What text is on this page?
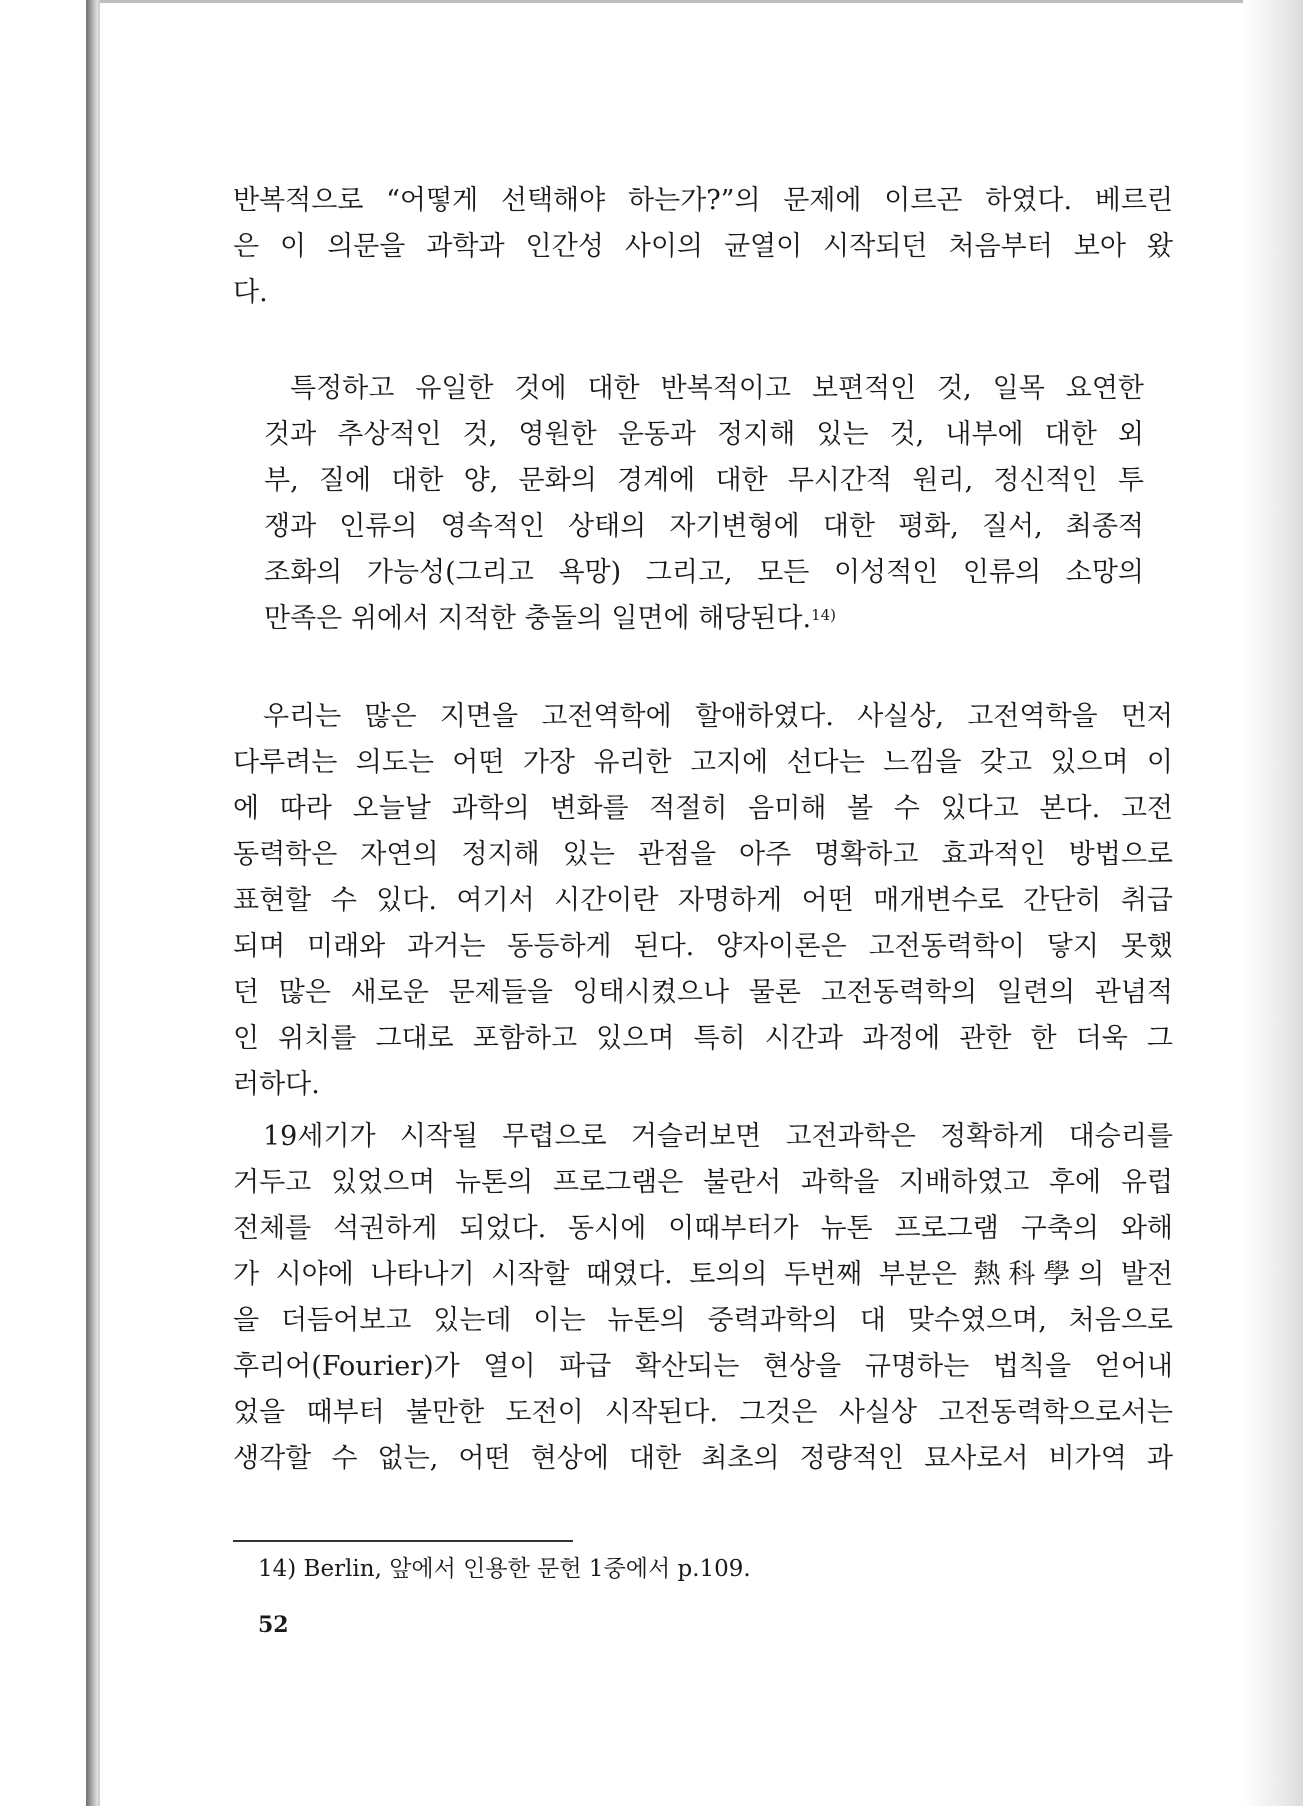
반복적으로 “어떻게 선택해야 하는가?”의 문제에 이르곤 하였다. 베르린
은 이 의문을 과학과 인간성 사이의 균열이 시작되던 처음부터 보아 왔
다.
특정하고 유일한 것에 대한 반복적이고 보편적인 것, 일목 요연한
것과 추상적인 것, 영원한 운동과 정지해 있는 것, 내부에 대한 외
부, 질에 대한 양, 문화의 경계에 대한 무시간적 원리, 정신적인 투
쟁과 인류의 영속적인 상태의 자기변형에 대한 평화, 질서, 최종적
조화의 가능성(그리고 욕망) 그리고, 모든 이성적인 인류의 소망의
만족은 위에서 지적한 충돌의 일면에 해당된다.$^{14)}$
우리는 많은 지면을 고전역학에 할애하였다. 사실상, 고전역학을 먼저
다루려는 의도는 어떤 가장 유리한 고지에 선다는 느낌을 갖고 있으며 이
에 따라 오늘날 과학의 변화를 적절히 음미해 볼 수 있다고 본다. 고전
동력학은 자연의 정지해 있는 관점을 아주 명확하고 효과적인 방법으로
표현할 수 있다. 여기서 시간이란 자명하게 어떤 매개변수로 간단히 취급
되며 미래와 과거는 동등하게 된다. 양자이론은 고전동력학이 닿지 못했
던 많은 새로운 문제들을 잉태시켰으나 물론 고전동력학의 일련의 관념적
인 위치를 그대로 포함하고 있으며 특히 시간과 과정에 관한 한 더욱 그
러하다.
19세기가 시작될 무렵으로 거슬러보면 고전과학은 정확하게 대승리를
거두고 있었으며 뉴톤의 프로그램은 불란서 과학을 지배하였고 후에 유럽
전체를 석권하게 되었다. 동시에 이때부터가 뉴톤 프로그램 구축의 와해
가 시야에 나타나기 시작할 때였다. 토의의 두번째 부분은 熱科學의 발전
을 더듬어보고 있는데 이는 뉴톤의 중력과학의 대 맞수였으며, 처음으로
후리어(Fourier)가 열이 파급 확산되는 현상을 규명하는 법칙을 얻어내
었을 때부터 불만한 도전이 시작된다. 그것은 사실상 고전동력학으로서는
생각할 수 없는, 어떤 현상에 대한 최초의 정량적인 묘사로서 비가역 과
14) Berlin, 앞에서 인용한 문헌 1중에서 p.109.
52
